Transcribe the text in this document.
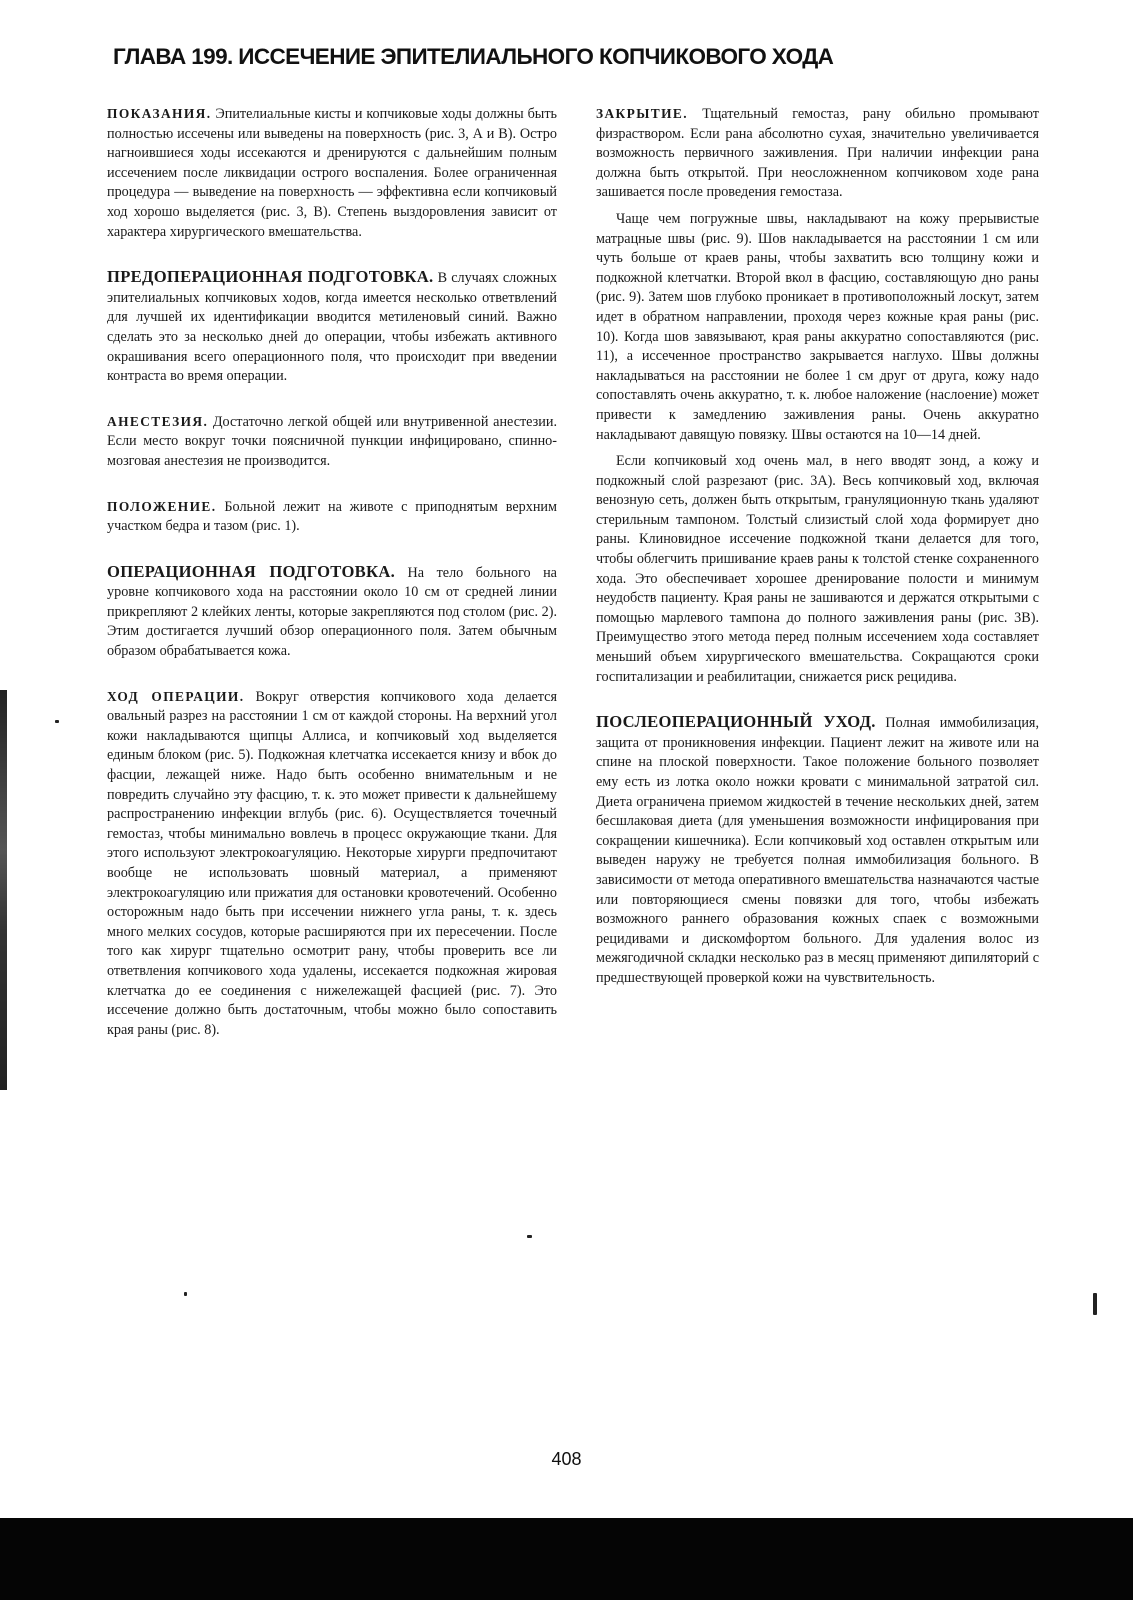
ГЛАВА 199. ИССЕЧЕНИЕ ЭПИТЕЛИАЛЬНОГО КОПЧИКОВОГО ХОДА

ПОКАЗАНИЯ. Эпителиальные кисты и копчиковые ходы должны быть полностью иссечены или выведены на поверхность (рис. 3, А и В). Остро нагноившиеся ходы иссекаются и дренируются с дальнейшим полным иссечением после ликвидации острого воспаления. Более ограниченная процедура — выведение на поверхность — эффективна если копчиковый ход хорошо выделяется (рис. 3, В). Степень выздоровления зависит от характера хирургического вмешательства.

ПРЕДОПЕРАЦИОННАЯ ПОДГОТОВКА. В случаях сложных эпителиальных копчиковых ходов, когда имеется несколько ответвлений для лучшей их идентификации вводится метиленовый синий. Важно сделать это за несколько дней до операции, чтобы избежать активного окрашивания всего операционного поля, что происходит при введении контраста во время операции.

АНЕСТЕЗИЯ. Достаточно легкой общей или внутривенной анестезии. Если место вокруг точки поясничной пункции инфицировано, спинно-мозговая анестезия не производится.

ПОЛОЖЕНИЕ. Больной лежит на животе с приподнятым верхним участком бедра и тазом (рис. 1).

ОПЕРАЦИОННАЯ ПОДГОТОВКА. На тело больного на уровне копчикового хода на расстоянии около 10 см от средней линии прикрепляют 2 клейких ленты, которые закрепляются под столом (рис. 2). Этим достигается лучший обзор операционного поля. Затем обычным образом обрабатывается кожа.

ХОД ОПЕРАЦИИ. Вокруг отверстия копчикового хода делается овальный разрез на расстоянии 1 см от каждой стороны. На верхний угол кожи накладываются щипцы Аллиса, и копчиковый ход выделяется единым блоком (рис. 5). Подкожная клетчатка иссекается книзу и вбок до фасции, лежащей ниже. Надо быть особенно внимательным и не повредить случайно эту фасцию, т. к. это может привести к дальнейшему распространению инфекции вглубь (рис. 6). Осуществляется точечный гемостаз, чтобы минимально вовлечь в процесс окружающие ткани. Для этого используют электрокоагуляцию. Некоторые хирурги предпочитают вообще не использовать шовный материал, а применяют электрокоагуляцию или прижатия для остановки кровотечений. Особенно осторожным надо быть при иссечении нижнего угла раны, т. к. здесь много мелких сосудов, которые расширяются при их пересечении. После того как хирург тщательно осмотрит рану, чтобы проверить все ли ответвления копчикового хода удалены, иссекается подкожная жировая клетчатка до ее соединения с нижележащей фасцией (рис. 7). Это иссечение должно быть достаточным, чтобы можно было сопоставить края раны (рис. 8).

ЗАКРЫТИЕ. Тщательный гемостаз, рану обильно промывают физраствором. Если рана абсолютно сухая, значительно увеличивается возможность первичного заживления. При наличии инфекции рана должна быть открытой. При неосложненном копчиковом ходе рана зашивается после проведения гемостаза.

Чаще чем погружные швы, накладывают на кожу прерывистые матрацные швы (рис. 9). Шов накладывается на расстоянии 1 см или чуть больше от краев раны, чтобы захватить всю толщину кожи и подкожной клетчатки. Второй вкол в фасцию, составляющую дно раны (рис. 9). Затем шов глубоко проникает в противоположный лоскут, затем идет в обратном направлении, проходя через кожные края раны (рис. 10). Когда шов завязывают, края раны аккуратно сопоставляются (рис. 11), а иссеченное пространство закрывается наглухо. Швы должны накладываться на расстоянии не более 1 см друг от друга, кожу надо сопоставлять очень аккуратно, т. к. любое наложение (наслоение) может привести к замедлению заживления раны. Очень аккуратно накладывают давящую повязку. Швы остаются на 10—14 дней.

Если копчиковый ход очень мал, в него вводят зонд, а кожу и подкожный слой разрезают (рис. 3А). Весь копчиковый ход, включая венозную сеть, должен быть открытым, грануляционную ткань удаляют стерильным тампоном. Толстый слизистый слой хода формирует дно раны. Клиновидное иссечение подкожной ткани делается для того, чтобы облегчить пришивание краев раны к толстой стенке сохраненного хода. Это обеспечивает хорошее дренирование полости и минимум неудобств пациенту. Края раны не зашиваются и держатся открытыми с помощью марлевого тампона до полного заживления раны (рис. 3В). Преимущество этого метода перед полным иссечением хода составляет меньший объем хирургического вмешательства. Сокращаются сроки госпитализации и реабилитации, снижается риск рецидива.

ПОСЛЕОПЕРАЦИОННЫЙ УХОД. Полная иммобилизация, защита от проникновения инфекции. Пациент лежит на животе или на спине на плоской поверхности. Такое положение больного позволяет ему есть из лотка около ножки кровати с минимальной затратой сил. Диета ограничена приемом жидкостей в течение нескольких дней, затем бесшлаковая диета (для уменьшения возможности инфицирования при сокращении кишечника). Если копчиковый ход оставлен открытым или выведен наружу не требуется полная иммобилизация больного. В зависимости от метода оперативного вмешательства назначаются частые или повторяющиеся смены повязки для того, чтобы избежать возможного раннего образования кожных спаек с возможными рецидивами и дискомфортом больного. Для удаления волос из межягодичной складки несколько раз в месяц применяют дипиляторий с предшествующей проверкой кожи на чувствительность.

408
